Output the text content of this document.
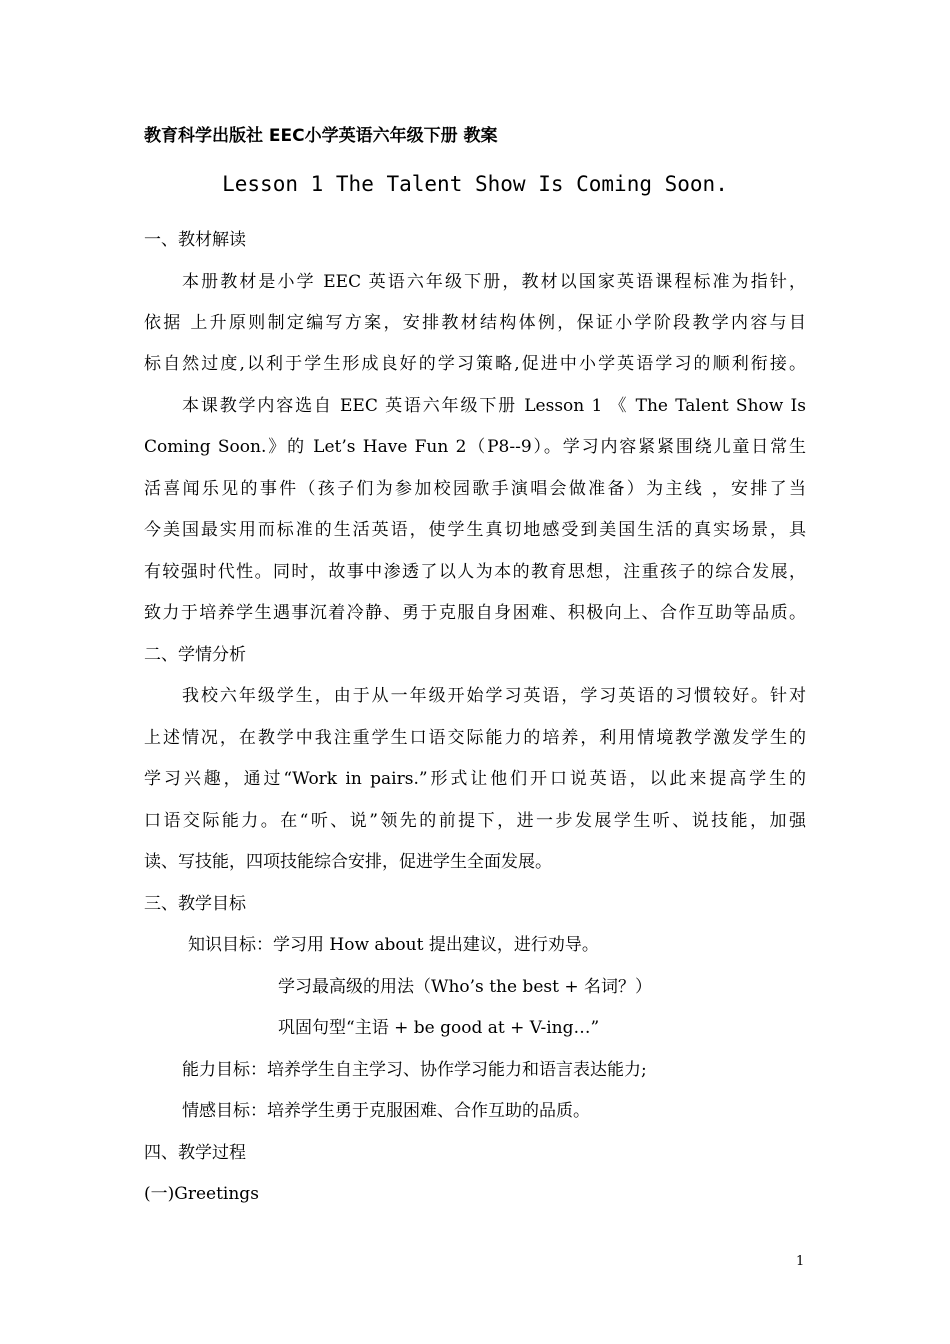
教育科学出版社 EEC小学英语六年级下册 教案
Lesson 1 The Talent Show Is Coming Soon.
一、教材解读
本册教材是小学 EEC 英语六年级下册，教材以国家英语课程标准为指针，
依据 上升原则制定编写方案，安排教材结构体例，保证小学阶段教学内容与目
标自然过度,以利于学生形成良好的学习策略,促进中小学英语学习的顺利衔接。
本课教学内容选自 EEC 英语六年级下册 Lesson 1 《 The Talent Show Is
Coming Soon.》的 Let’s Have Fun 2（P8--9）。学习内容紧紧围绕儿童日常生
活喜闻乐见的事件（孩子们为参加校园歌手演唱会做准备）为主线 ，安排了当
今美国最实用而标准的生活英语，使学生真切地感受到美国生活的真实场景，具
有较强时代性。同时，故事中渗透了以人为本的教育思想，注重孩子的综合发展，
致力于培养学生遇事沉着冷静、勇于克服自身困难、积极向上、合作互助等品质。
二、学情分析
我校六年级学生，由于从一年级开始学习英语，学习英语的习惯较好。针对
上述情况，在教学中我注重学生口语交际能力的培养，利用情境教学激发学生的
学习兴趣，通过“Work in pairs.”形式让他们开口说英语，以此来提高学生的
口语交际能力。在“听、说”领先的前提下，进一步发展学生听、说技能，加强
读、写技能，四项技能综合安排，促进学生全面发展。
三、教学目标
知识目标：学习用 How about 提出建议，进行劝导。
学习最高级的用法（Who’s the best + 名词？）
巩固句型“主语 + be good at + V-ing…”
能力目标：培养学生自主学习、协作学习能力和语言表达能力;
情感目标：培养学生勇于克服困难、合作互助的品质。
四、教学过程
(一)Greetings
1
